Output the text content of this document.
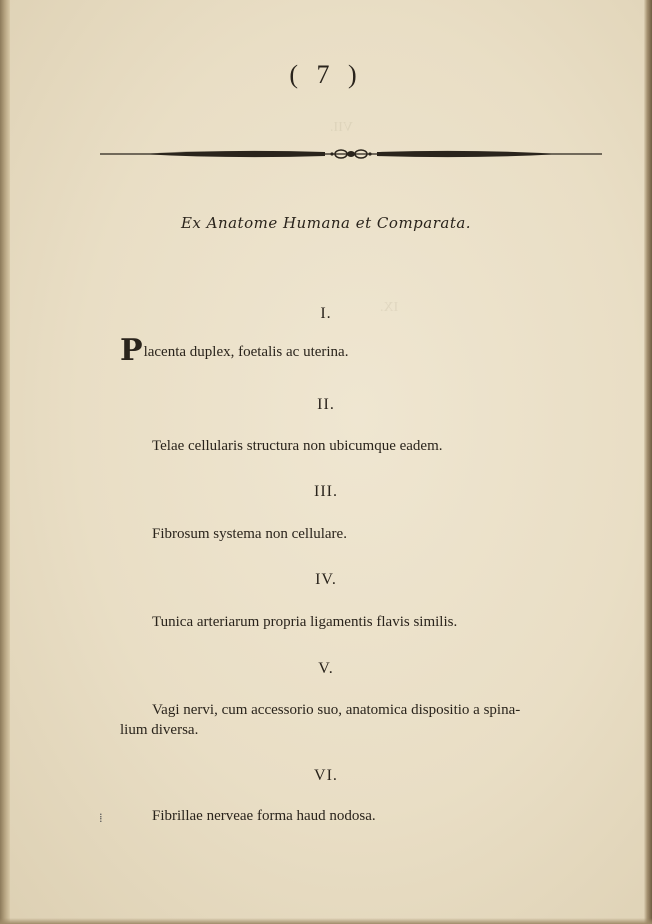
( 7 )
Ex Anatome Humana et Comparata.
VII.
IX.
I.
Placenta duplex, foetalis ac uterina.
II.
Telae cellularis structura non ubicumque eadem.
III.
Fibrosum systema non cellulare.
IV.
Tunica arteriarum propria ligamentis flavis similis.
V.
Vagi nervi, cum accessorio suo, anatomica dispositio a spina-
lium diversa.
VI.
Fibrillae nerveae forma haud nodosa.
⁞
